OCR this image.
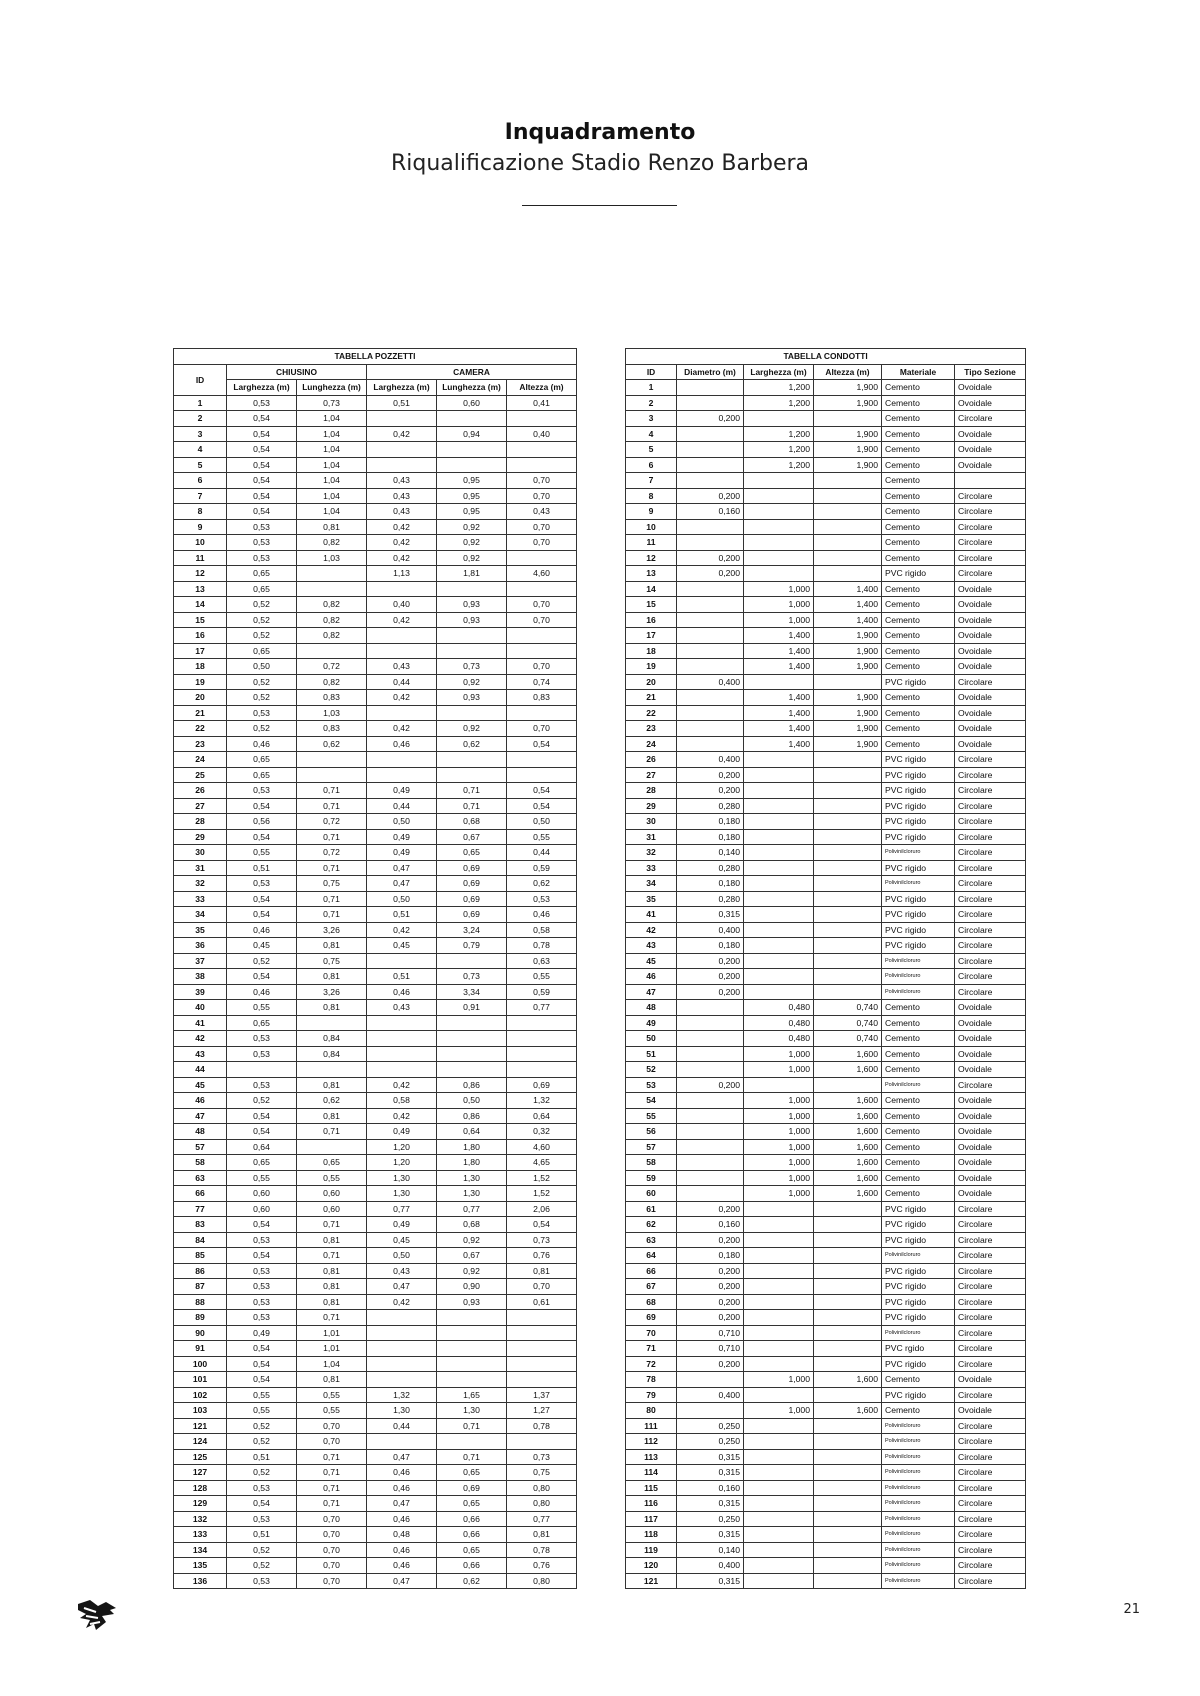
Inquadramento
Riqualificazione Stadio Renzo Barbera
TABELLA POZZETTI					
ID	CHIUSINO		CAMERA		
	Larghezza (m)	Lunghezza (m)	Larghezza (m)	Lunghezza (m)	Altezza (m)
1	0,53	0,73	0,51	0,60	0,41
2	0,54	1,04			
3	0,54	1,04	0,42	0,94	0,40
4	0,54	1,04			
5	0,54	1,04			
6	0,54	1,04	0,43	0,95	0,70
7	0,54	1,04	0,43	0,95	0,70
8	0,54	1,04	0,43	0,95	0,43
9	0,53	0,81	0,42	0,92	0,70
10	0,53	0,82	0,42	0,92	0,70
11	0,53	1,03	0,42	0,92	
12	0,65		1,13	1,81	4,60
13	0,65				
14	0,52	0,82	0,40	0,93	0,70
15	0,52	0,82	0,42	0,93	0,70
16	0,52	0,82			
17	0,65				
18	0,50	0,72	0,43	0,73	0,70
19	0,52	0,82	0,44	0,92	0,74
20	0,52	0,83	0,42	0,93	0,83
21	0,53	1,03			
22	0,52	0,83	0,42	0,92	0,70
23	0,46	0,62	0,46	0,62	0,54
24	0,65				
25	0,65				
26	0,53	0,71	0,49	0,71	0,54
27	0,54	0,71	0,44	0,71	0,54
28	0,56	0,72	0,50	0,68	0,50
29	0,54	0,71	0,49	0,67	0,55
30	0,55	0,72	0,49	0,65	0,44
31	0,51	0,71	0,47	0,69	0,59
32	0,53	0,75	0,47	0,69	0,62
33	0,54	0,71	0,50	0,69	0,53
34	0,54	0,71	0,51	0,69	0,46
35	0,46	3,26	0,42	3,24	0,58
36	0,45	0,81	0,45	0,79	0,78
37	0,52	0,75			0,63
38	0,54	0,81	0,51	0,73	0,55
39	0,46	3,26	0,46	3,34	0,59
40	0,55	0,81	0,43	0,91	0,77
41	0,65				
42	0,53	0,84			
43	0,53	0,84			
44					
45	0,53	0,81	0,42	0,86	0,69
46	0,52	0,62	0,58	0,50	1,32
47	0,54	0,81	0,42	0,86	0,64
48	0,54	0,71	0,49	0,64	0,32
57	0,64		1,20	1,80	4,60
58	0,65	0,65	1,20	1,80	4,65
63	0,55	0,55	1,30	1,30	1,52
66	0,60	0,60	1,30	1,30	1,52
77	0,60	0,60	0,77	0,77	2,06
83	0,54	0,71	0,49	0,68	0,54
84	0,53	0,81	0,45	0,92	0,73
85	0,54	0,71	0,50	0,67	0,76
86	0,53	0,81	0,43	0,92	0,81
87	0,53	0,81	0,47	0,90	0,70
88	0,53	0,81	0,42	0,93	0,61
89	0,53	0,71			
90	0,49	1,01			
91	0,54	1,01			
100	0,54	1,04			
101	0,54	0,81			
102	0,55	0,55	1,32	1,65	1,37
103	0,55	0,55	1,30	1,30	1,27
121	0,52	0,70	0,44	0,71	0,78
124	0,52	0,70			
125	0,51	0,71	0,47	0,71	0,73
127	0,52	0,71	0,46	0,65	0,75
128	0,53	0,71	0,46	0,69	0,80
129	0,54	0,71	0,47	0,65	0,80
132	0,53	0,70	0,46	0,66	0,77
133	0,51	0,70	0,48	0,66	0,81
134	0,52	0,70	0,46	0,65	0,78
135	0,52	0,70	0,46	0,66	0,76
136	0,53	0,70	0,47	0,62	0,80
TABELLA CONDOTTI					
ID	Diametro (m)	Larghezza (m)	Altezza (m)	Materiale	Tipo Sezione
1		1,200	1,900	Cemento	Ovoidale
2		1,200	1,900	Cemento	Ovoidale
3	0,200			Cemento	Circolare
4		1,200	1,900	Cemento	Ovoidale
5		1,200	1,900	Cemento	Ovoidale
6		1,200	1,900	Cemento	Ovoidale
7				Cemento	
8	0,200			Cemento	Circolare
9	0,160			Cemento	Circolare
10				Cemento	Circolare
11				Cemento	Circolare
12	0,200			Cemento	Circolare
13	0,200			PVC rigido	Circolare
14		1,000	1,400	Cemento	Ovoidale
15		1,000	1,400	Cemento	Ovoidale
16		1,000	1,400	Cemento	Ovoidale
17		1,400	1,900	Cemento	Ovoidale
18		1,400	1,900	Cemento	Ovoidale
19		1,400	1,900	Cemento	Ovoidale
20	0,400			PVC rigido	Circolare
21		1,400	1,900	Cemento	Ovoidale
22		1,400	1,900	Cemento	Ovoidale
23		1,400	1,900	Cemento	Ovoidale
24		1,400	1,900	Cemento	Ovoidale
26	0,400			PVC rigido	Circolare
27	0,200			PVC rigido	Circolare
28	0,200			PVC rigido	Circolare
29	0,280			PVC rigido	Circolare
30	0,180			PVC rigido	Circolare
31	0,180			PVC rigido	Circolare
32	0,140			Polivinilcloruro	Circolare
33	0,280			PVC rigido	Circolare
34	0,180			Polivinilcloruro	Circolare
35	0,280			PVC rigido	Circolare
41	0,315			PVC rigido	Circolare
42	0,400			PVC rigido	Circolare
43	0,180			PVC rigido	Circolare
45	0,200			Polivinilcloruro	Circolare
46	0,200			Polivinilcloruro	Circolare
47	0,200			Polivinilcloruro	Circolare
48		0,480	0,740	Cemento	Ovoidale
49		0,480	0,740	Cemento	Ovoidale
50		0,480	0,740	Cemento	Ovoidale
51		1,000	1,600	Cemento	Ovoidale
52		1,000	1,600	Cemento	Ovoidale
53	0,200			Polivinilcloruro	Circolare
54		1,000	1,600	Cemento	Ovoidale
55		1,000	1,600	Cemento	Ovoidale
56		1,000	1,600	Cemento	Ovoidale
57		1,000	1,600	Cemento	Ovoidale
58		1,000	1,600	Cemento	Ovoidale
59		1,000	1,600	Cemento	Ovoidale
60		1,000	1,600	Cemento	Ovoidale
61	0,200			PVC rigido	Circolare
62	0,160			PVC rigido	Circolare
63	0,200			PVC rigido	Circolare
64	0,180			Polivinilcloruro	Circolare
66	0,200			PVC rigido	Circolare
67	0,200			PVC rigido	Circolare
68	0,200			PVC rigido	Circolare
69	0,200			PVC rigido	Circolare
70	0,710			Polivinilcloruro	Circolare
71	0,710			PVC rgido	Circolare
72	0,200			PVC rigido	Circolare
78		1,000	1,600	Cemento	Ovoidale
79	0,400			PVC rigido	Circolare
80		1,000	1,600	Cemento	Ovoidale
111	0,250			Polivinilcloruro	Circolare
112	0,250			Polivinilcloruro	Circolare
113	0,315			Polivinilcloruro	Circolare
114	0,315			Polivinilcloruro	Circolare
115	0,160			Polivinilcloruro	Circolare
116	0,315			Polivinilcloruro	Circolare
117	0,250			Polivinilcloruro	Circolare
118	0,315			Polivinilcloruro	Circolare
119	0,140			Polivinilcloruro	Circolare
120	0,400			Polivinilcloruro	Circolare
121	0,315			Polivinilcloruro	Circolare
21
